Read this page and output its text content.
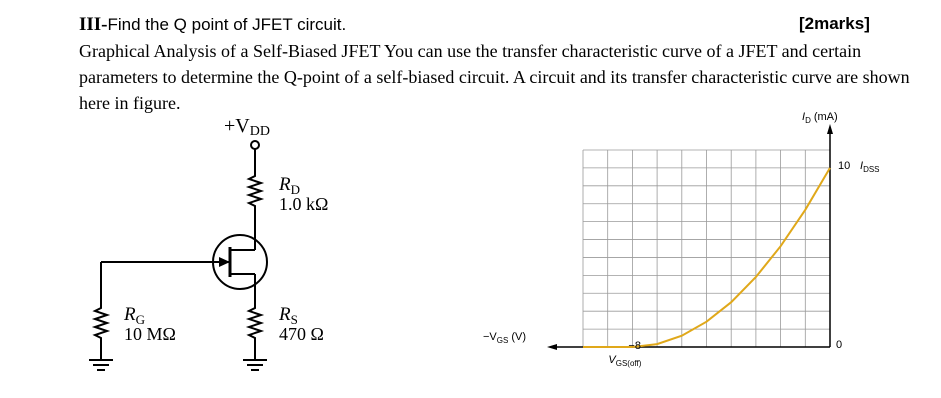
III-Find the Q point of JFET circuit.	[2marks]
Graphical Analysis of a Self-Biased JFET You can use the transfer characteristic curve of a JFET and certain
parameters to determine the Q-point of a self-biased circuit. A circuit and its transfer characteristic curve are shown
here in figure.
+VDD
$R_D$
1.0 kΩ
$R_S$
470 Ω
$R_G$
10 MΩ
$I_D$ (mA)
10 $I_{DSS}$
$-V_{GS}$ (V)
0
−8
$V_{GS(off)}$
